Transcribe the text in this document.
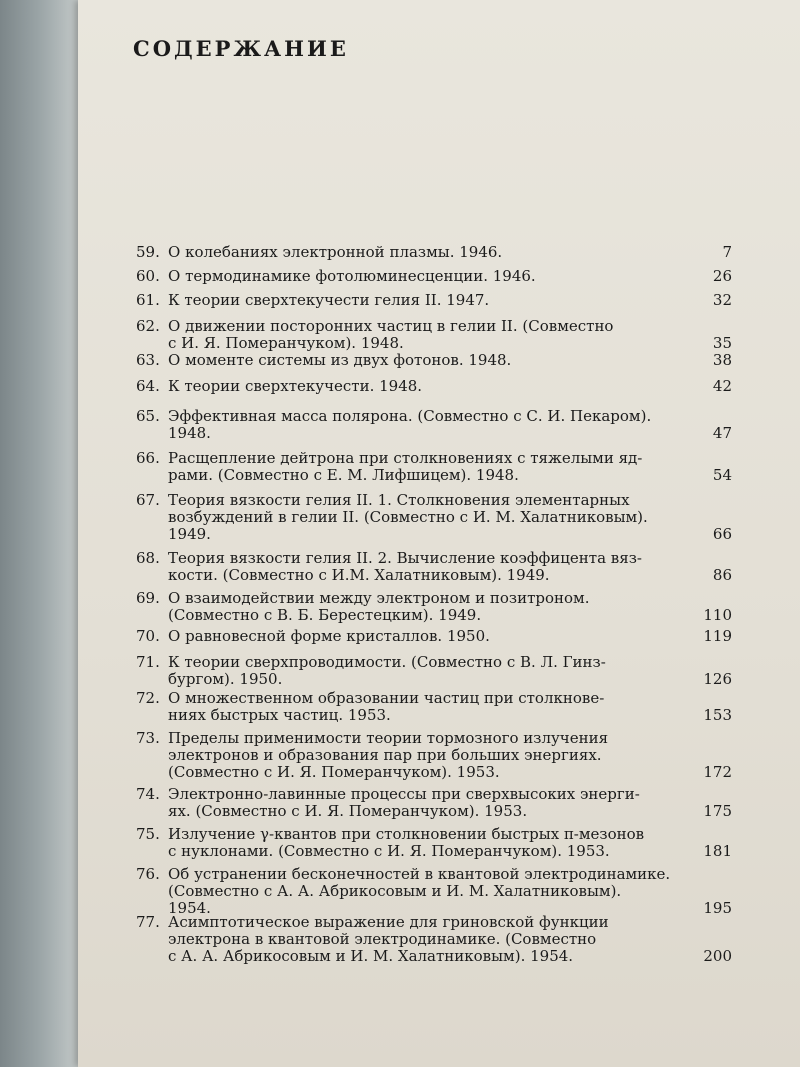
СОДЕРЖАНИЕ
59. О колебаниях электронной плазмы. 1946.	7
60. О термодинамике фотолюминесценции. 1946.	26
61. К теории сверхтекучести гелия II. 1947.	32
62. О движении посторонних частиц в гелии II. (Совместно
с И. Я. Померанчуком). 1948.	35
63. О моменте системы из двух фотонов. 1948.	38
64. К теории сверхтекучести. 1948.	42
65. Эффективная масса полярона. (Совместно с С. И. Пекаром).
1948.	47
66. Расщепление дейтрона при столкновениях с тяжелыми яд-
рами. (Совместно с Е. М. Лифшицем). 1948.	54
67. Теория вязкости гелия II. 1. Столкновения элементарных
возбуждений в гелии II. (Совместно с И. М. Халатниковым).
1949.	66
68. Теория вязкости гелия II. 2. Вычисление коэффицента вяз-
кости. (Совместно с И.М. Халатниковым). 1949.	86
69. О взаимодействии между электроном и позитроном.
(Совместно с В. Б. Берестецким). 1949.	110
70. О равновесной форме кристаллов. 1950.	119
71. К теории сверхпроводимости. (Совместно с В. Л. Гинз-
бургом). 1950.	126
72. О множественном образовании частиц при столкнове-
ниях быстрых частиц. 1953.	153
73. Пределы применимости теории тормозного излучения
электронов и образования пар при больших энергиях.
(Совместно с И. Я. Померанчуком). 1953.	172
74. Электронно-лавинные процессы при сверхвысоких энерги-
ях. (Совместно с И. Я. Померанчуком). 1953.	175
75. Излучение γ-квантов при столкновении быстрых π-мезонов
с нуклонами. (Совместно с И. Я. Померанчуком). 1953.	181
76. Об устранении бесконечностей в квантовой электродинамике.
(Совместно с А. А. Абрикосовым и И. М. Халатниковым).
1954.	195
77. Асимптотическое выражение для гриновской функции
электрона в квантовой электродинамике. (Совместно
с А. А. Абрикосовым и И. М. Халатниковым). 1954.	200
